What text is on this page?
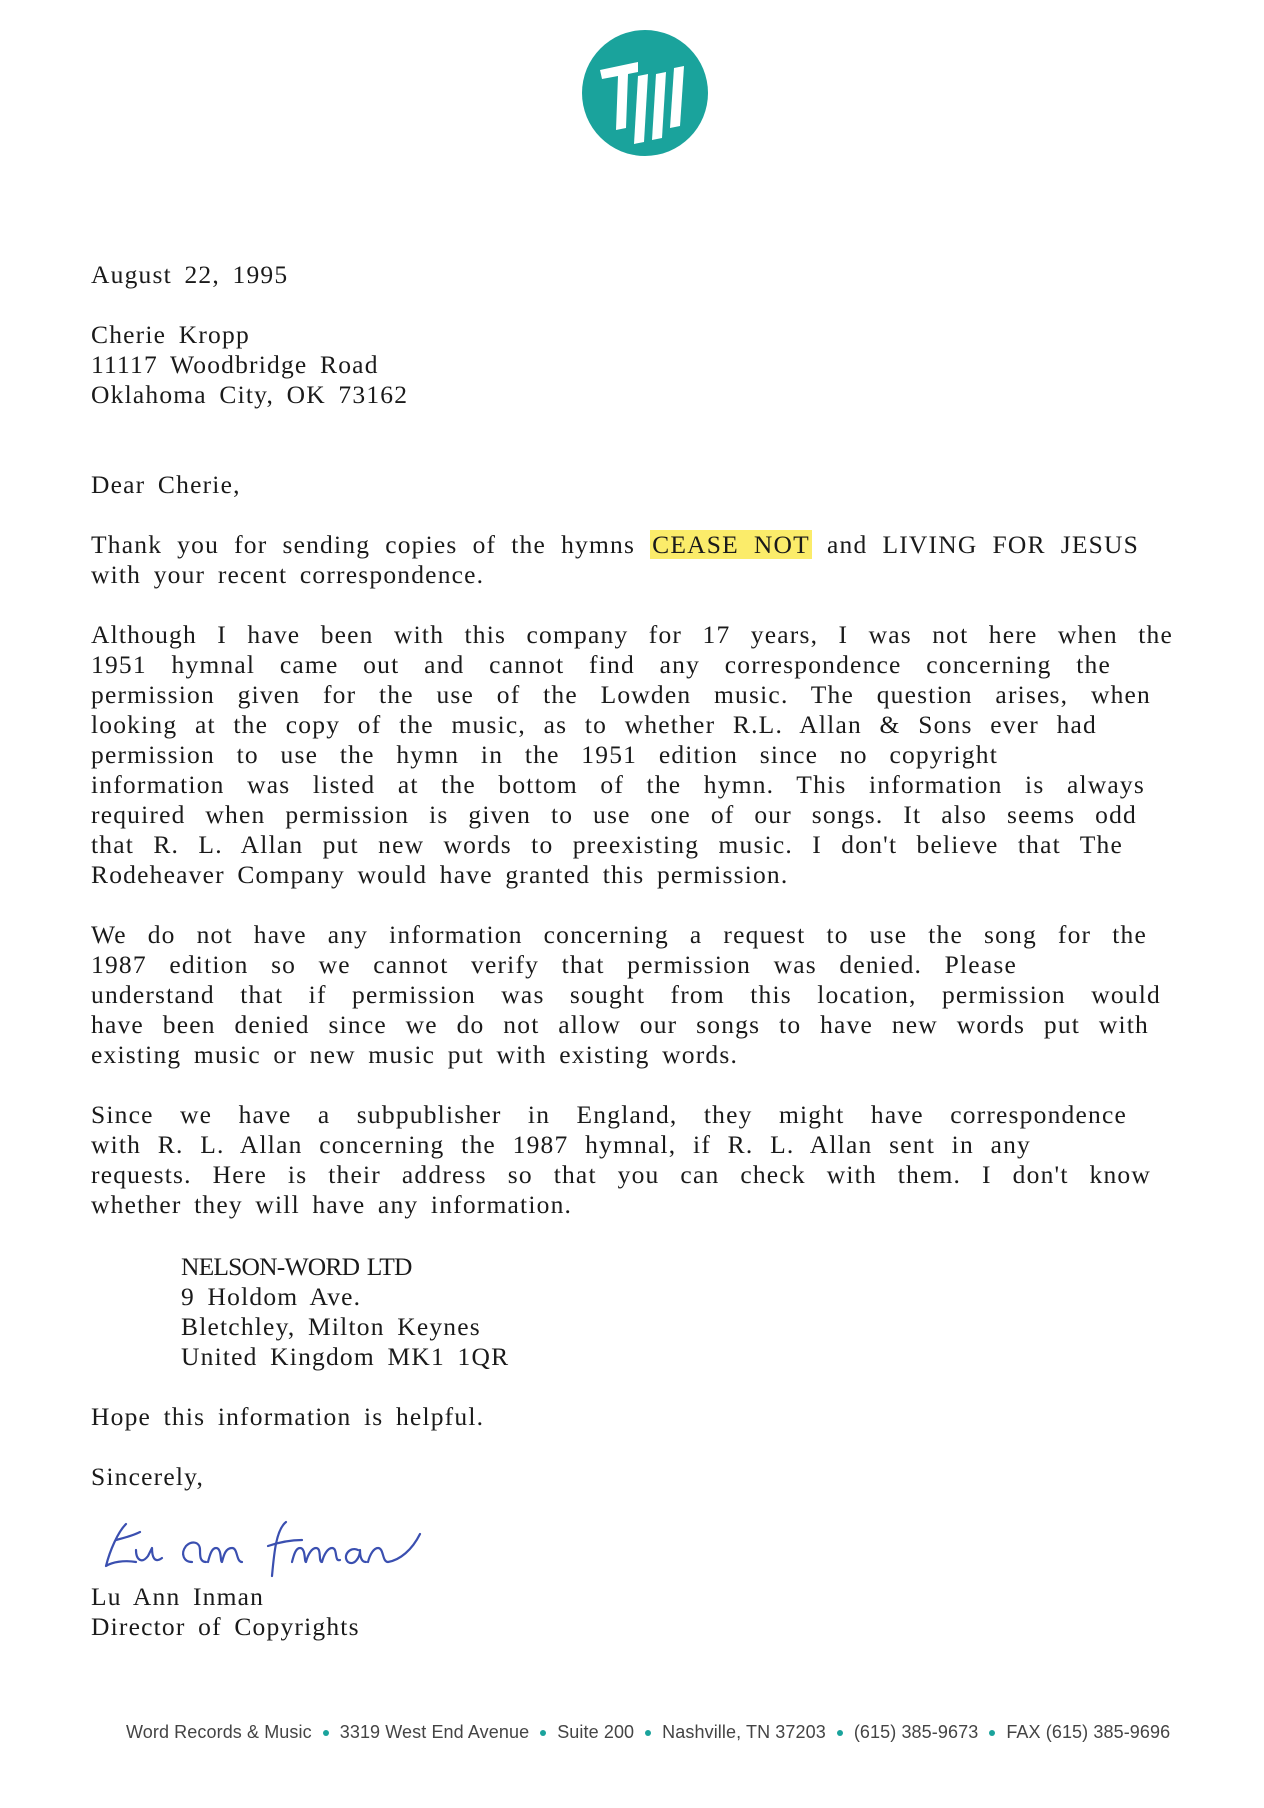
August 22, 1995
Cherie Kropp
11117 Woodbridge Road
Oklahoma City, OK 73162
Dear Cherie,
Thank you for sending copies of the hymns CEASE NOT and LIVING FOR JESUS
with your recent correspondence.
Although I have been with this company for 17 years, I was not here when the
1951 hymnal came out and cannot find any correspondence concerning the
permission given for the use of the Lowden music. The question arises, when
looking at the copy of the music, as to whether R.L. Allan & Sons ever had
permission to use the hymn in the 1951 edition since no copyright
information was listed at the bottom of the hymn. This information is always
required when permission is given to use one of our songs. It also seems odd
that R. L. Allan put new words to preexisting music. I don't believe that The
Rodeheaver Company would have granted this permission.
We do not have any information concerning a request to use the song for the
1987 edition so we cannot verify that permission was denied. Please
understand that if permission was sought from this location, permission would
have been denied since we do not allow our songs to have new words put with
existing music or new music put with existing words.
Since we have a subpublisher in England, they might have correspondence
with R. L. Allan concerning the 1987 hymnal, if R. L. Allan sent in any
requests. Here is their address so that you can check with them. I don't know
whether they will have any information.
NELSON-WORD LTD
9 Holdom Ave.
Bletchley, Milton Keynes
United Kingdom MK1 1QR
Hope this information is helpful.
Sincerely,
Lu Ann Inman
Director of Copyrights
Word Records & Music 3319 West End Avenue Suite 200 Nashville, TN 37203 (615) 385-9673 FAX (615) 385-9696
